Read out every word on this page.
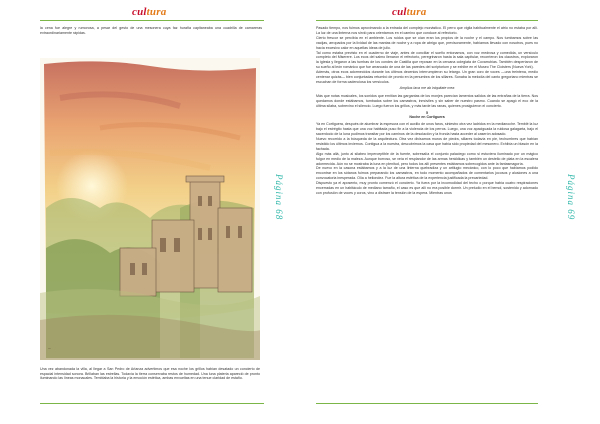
cultura

la cena fue alegre y rumorosa, a pesar del gesto de una mesonera cuya faz huraña capitaneaba una cuadrilla de camareras extraordinariamente rápidas.

~

Una vez abandonada la villa, al llegar a San Pedro de Arlanza advertimos que esa noche los grillos habían desatado un concierto de espacial intensidad sonora. Brillaban las estrellas. Todavía la tierra conservaba restos de humedad. Una luna plateria apareció de pronto iluminando las líneas monacales. Temblaba la historia y la emoción estética, ambas envueltas en una tenue claridad de estaño.

Página 68
cultura

Pasado tiempo, nos fuimos aproximando a la entrada del complejo monástico. El perro que vigila habitualmente el atrio no estaba por allí. La luz de una linterna nos sirvió para orientarnos en el camino que conduce al refectorio.

Cierto frescor se percibía en el ambiente. Los ruidos que se oían eran los propios de la noche y el campo. Nos tumbamos sobre las vacijas, arropados por la lividad de las mantas de noche y a ropa de abrigo que, previsoramente, habíamos llevado con nosotros, pues no hacía excesivo calor en aquellas ideas de julio.

Tal como estaba previsto en el cuaderno de viaje, antes de conciliar el sueño entonamos, con voz medrosa y comedida, un versículo completo del Miserere. Los ecos del salmo llenaron el refectorio, peregrinaron hasta la sala capitular, recorrieron los claustros, exploraron la iglesia y llegaron a las tumbas de los condes de Castilla que reposan en la cercana colegiata de Covarrubias. También despertaron de su sueño al león románico que fue arrancado de una de las paredes del scriptorium y se exhibe en el Museo The Cloisters (Nueva York).

Además, otros ecos adormecidos durante los últimos decenios interrumpieron su letargo. Un gran coro de voces —una treintena, medio centenar quizás— bien conjuntadas retumbó de pronto en la penumbra de los sillares. Sonaba la melodía del canto gregoriano mientras se escuchan de forma cadenciosa los versículos.

Amplius lava me ab iniquitate mea

Más que notas musicales, los sonidos que emitían las gargantas de los monjes parecían lamentos salidos de las entrañas de la tierra. Nos quedamos donde estábamos, tumbados sobre los camastros, inmóviles y sin saber de nuestro pasmo. Cuando se apagó el eco de la última sílaba, sobrevino el silencio. Luego fueron los grillos, y más tarde las ranas, quienes prosiguieron el concierto.

5
Noche en Cortiguera

Ya en Cortiguera, después de alumbrar la espesura con el auxilio de unos faros, siniestro otra vez ladridos en la medianoche. Temblé la luz bajo el estrégito hasta que una voz habitada puso fin a la violencia de los perros. Luego, una voz apaciguada la ruidosa galagarta, bajo el sacerdocio de la luna pudimos transitar por los caminos de la desolación y la fronda hasta acceder al caserón adosado.

Nuevo recorrido a la búsqueda de la arquitectura. Otra vez divisamos muros de piedra, sillares todavía en pie, techumbres que habían resistido los últimos inviernos. Contigua a la nuestra, descubrimos la casa que había sido propiedad del mesonero. Exhibía un blasón en la fachada.

Algo más allá, junto al silabeo imperceptible de la fuente, sobresalía el conjunto palaciego como si estuviera iluminado por un mágico fulgor en medio de la maleza. Aunque borroso, se veía el resplandor de las armas heráldicas y también un destello de plata en la escalera adormecida. Aún no se mostraba la luna en plenitud, pero todos los allí presentes estábamos sobrecogidos ante la fantasmagoría.

De nuevo en la casona estábamos y a la luz de una linterna quebradiza y un artilugio mecánico, con lo poco que habíamos podido encontrar en los sótanos fuimos preparando los camastros, en todo momento acompañados de comentarios jocosos y alusiones a una convocatoria inesperada. Olía a heliondez. Fue la altura estética de la experiencia justificada la precariedad.

Dispuesto ya el aposento, muy pronto comenzó el concierto. Ya fuera por la incomodidad del techo o porque había cuatro respiraciones encerradas en un habitáculo de mediano tamaño, el caso es que allí no era posible dormir. Un preludio en el bemol, sostenido y adornado con profusión de voces y coros, vino a distraer la tensión de la espera. Mientras unos	Página 69
